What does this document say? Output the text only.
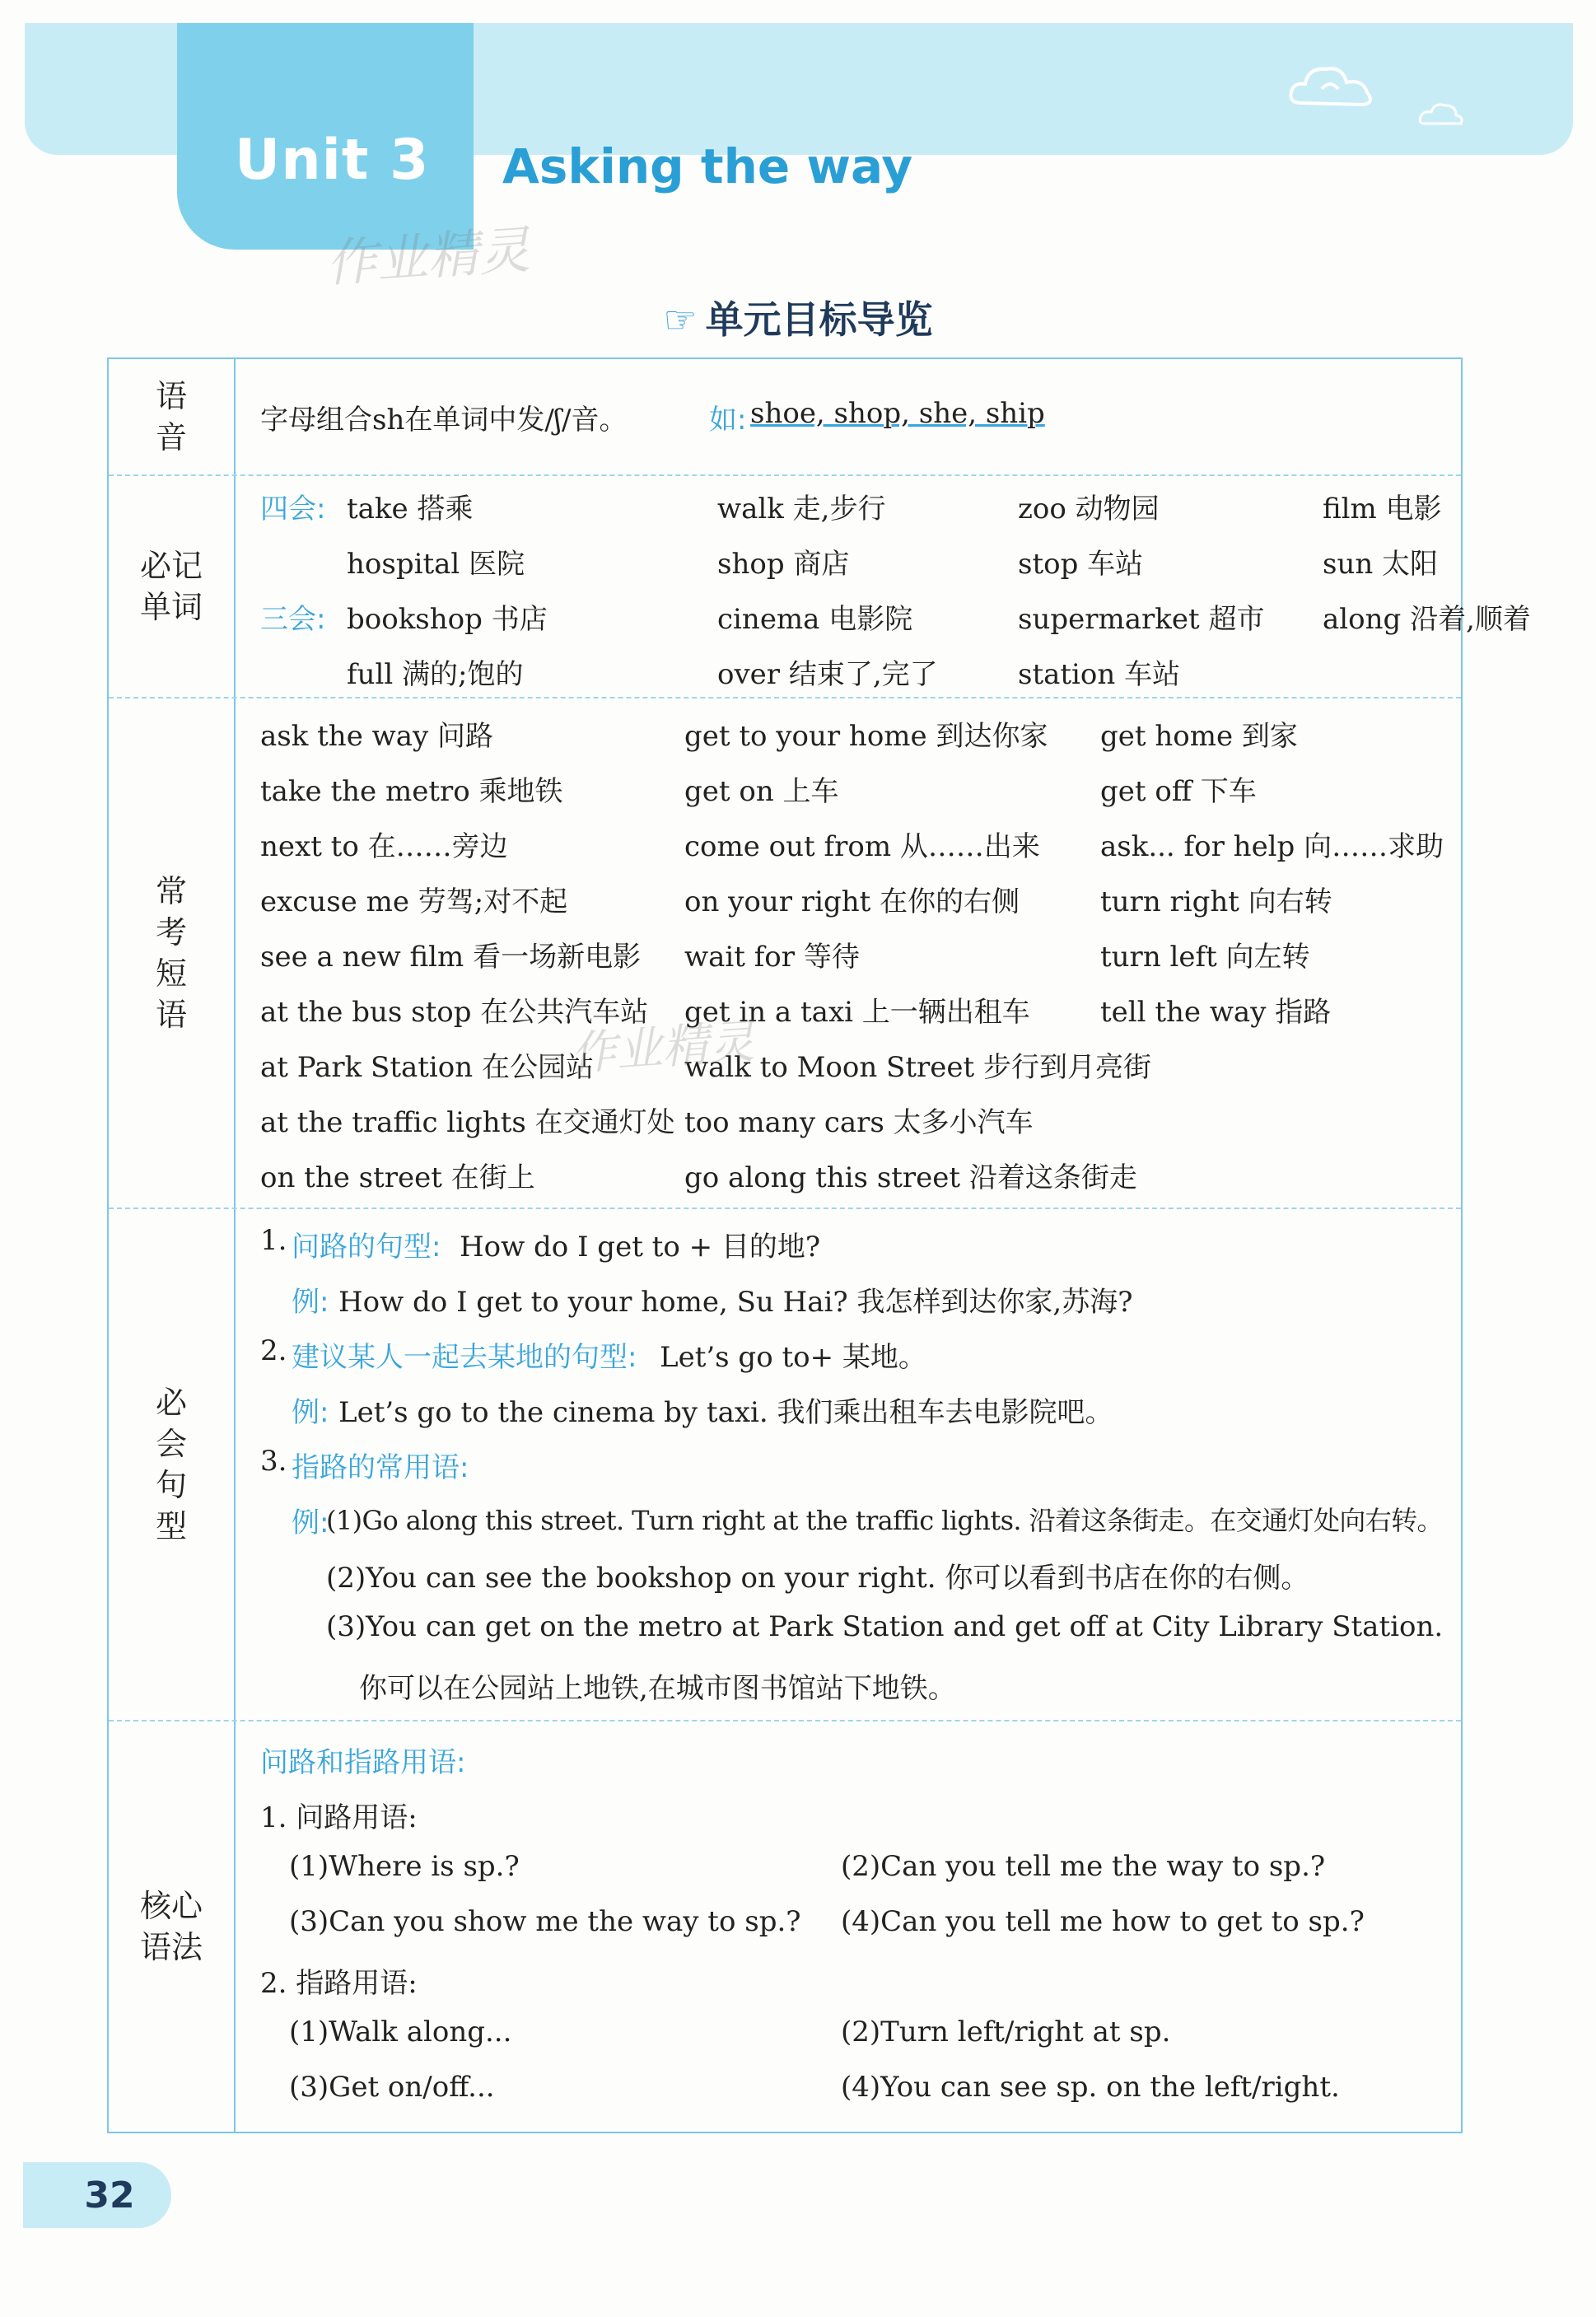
Unit 3 Asking the way
作业精灵
☞ 单元目标导览
语音	字母组合sh在单词中发/ʃ/音。	如: shoe, shop, she, ship
必记单词
四会:
三会:
take 搭乘	walk 走,步行	zoo 动物园	film 电影
hospital 医院	shop 商店	stop 车站	sun 太阳
bookshop 书店	cinema 电影院	supermarket 超市 along 沿着,顺着
full 满的;饱的	over 结束了,完了	station 车站
常考短语
ask the way 问路	get to your home 到达你家 get home 到家
take the metro 乘地铁	get on 上车	get off 下车
next to 在……旁边	come out from 从……出来 ask... for help 向……求助
excuse me 劳驾;对不起	on your right 在你的右侧	turn right 向右转
see a new film 看一场新电影 wait for 等待	turn left 向左转
at the bus stop 在公共汽车站 get in a taxi 上一辆出租车	tell the way 指路
at Park Station 在公园站	walk to Moon Street 步行到月亮街
at the traffic lights 在交通灯处 too many cars 太多小汽车
on the street 在街上	go along this street 沿着这条街走
作业精灵
必会句型
1. 问路的句型: How do I get to + 目的地?
例: How do I get to your home, Su Hai? 我怎样到达你家,苏海?
2. 建议某人一起去某地的句型: Let’s go to+ 某地。
例: Let’s go to the cinema by taxi. 我们乘出租车去电影院吧。
3. 指路的常用语:
例:
(1)Go along this street. Turn right at the traffic lights. 沿着这条街走。在交通灯处向右转。
(2)You can see the bookshop on your right. 你可以看到书店在你的右侧。
(3)You can get on the metro at Park Station and get off at City Library Station.
你可以在公园站上地铁,在城市图书馆站下地铁。
核心语法
问路和指路用语:
1. 问路用语:
(1)Where is sp.?	(2)Can you tell me the way to sp.?
(3)Can you show me the way to sp.? (4)Can you tell me how to get to sp.?
2. 指路用语:
(1)Walk along...	(2)Turn left/right at sp.
(3)Get on/off...	(4)You can see sp. on the left/right.
32
